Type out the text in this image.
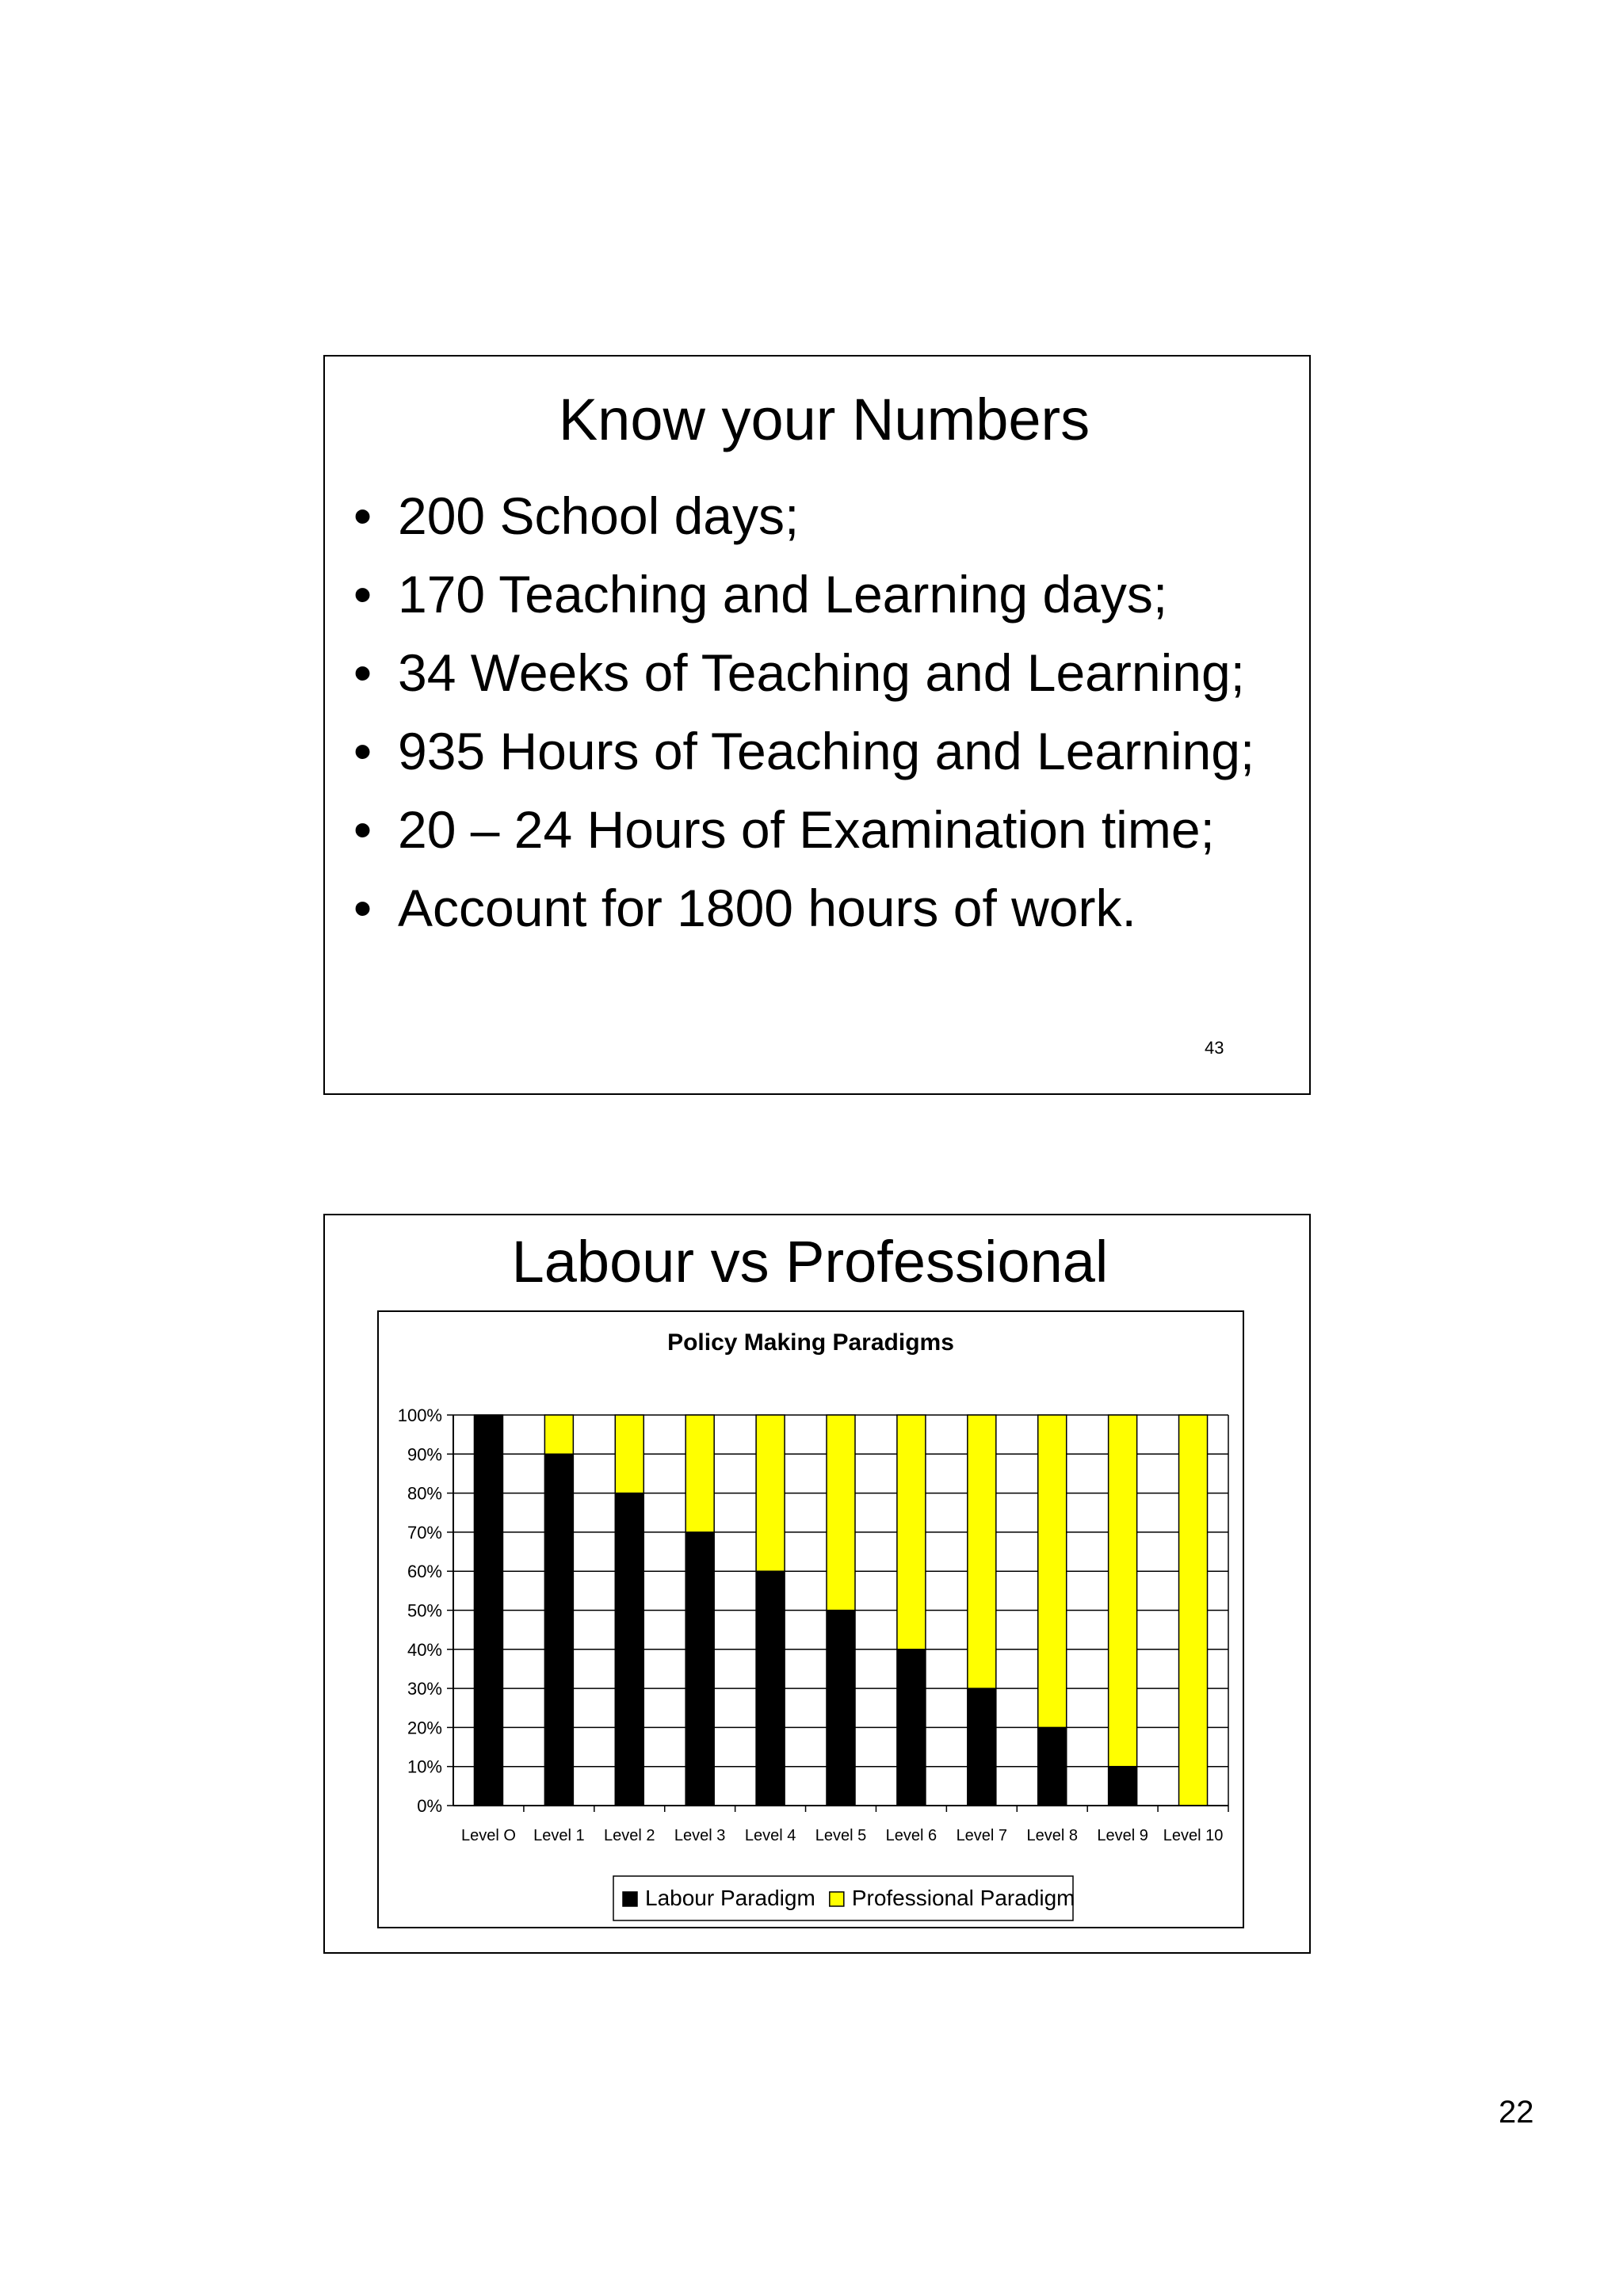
Know your Numbers
• 200 School days;
• 170 Teaching and Learning days;
• 34 Weeks of Teaching and Learning;
• 935 Hours of Teaching and Learning;
• 20 – 24 Hours of Examination time;
• Account for 1800 hours of work.
43
Labour vs Professional
Policy Making Paradigms
0%
10%
20%
30%
40%
50%
60%
70%
80%
90%
100%
Level O Level 1 Level 2 Level 3 Level 4 Level 5 Level 6 Level 7 Level 8 Level 9 Level 10
Labour Paradigm Professional Paradigm
22
